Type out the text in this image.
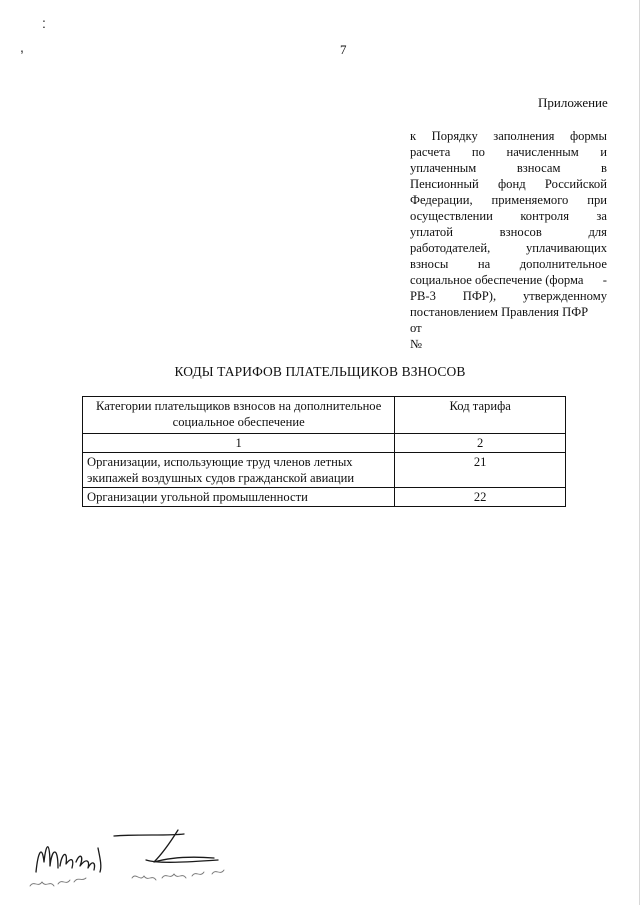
:
,	7
Приложение
к Порядку заполнения формы
расчета по начисленным и
уплаченным	взносам	в
Пенсионный фонд Российской
Федерации, применяемого при
осуществлении контроля за
уплатой	взносов	для
работодателей,	уплачивающих
взносы на дополнительное
социальное обеспечение (форма -
РВ-3 ПФР), утвержденному
постановлением Правления ПФР
от
№
КОДЫ ТАРИФОВ ПЛАТЕЛЬЩИКОВ ВЗНОСОВ
Категории плательщиков взносов на дополнительное социальное обеспечение	Код тарифа
1	2
Организации, использующие труд членов летных экипажей воздушных судов гражданской авиации	21
Организации угольной промышленности	22
